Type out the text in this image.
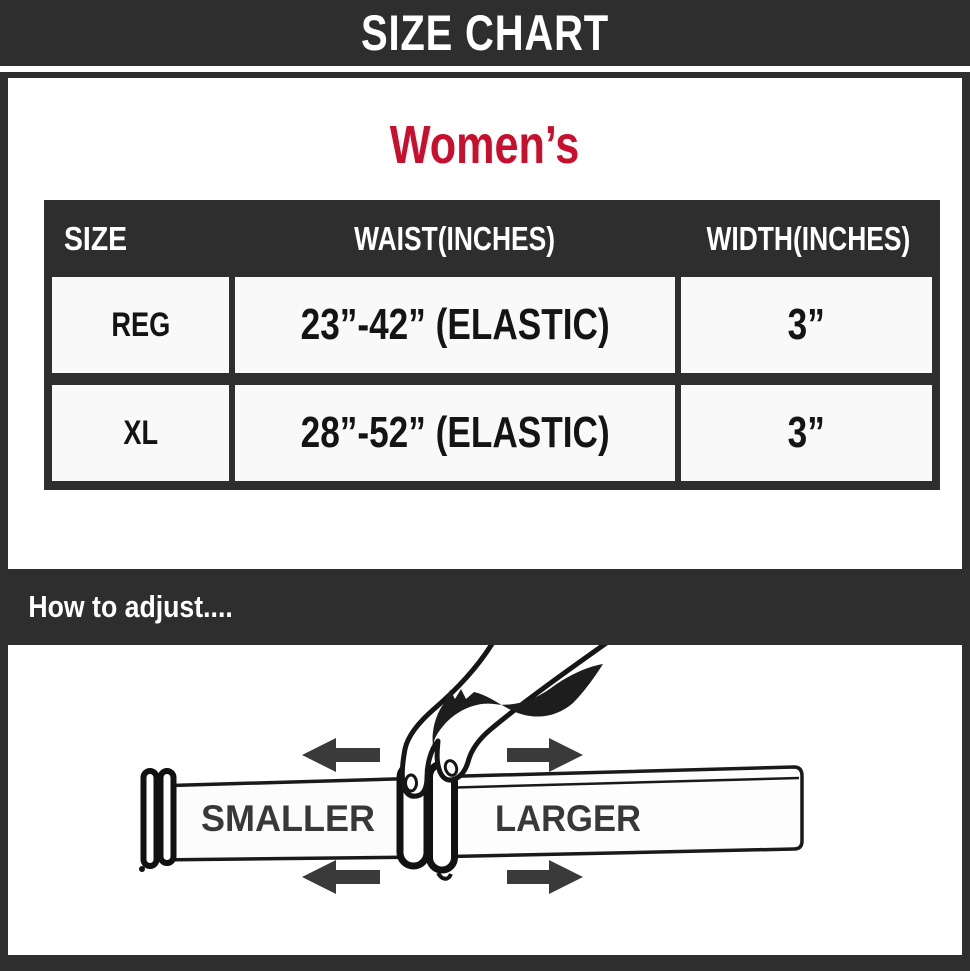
SIZE CHART
Women’s
SIZE	WAIST(INCHES)	WIDTH(INCHES)
REG	23”-42” (ELASTIC)	3”
XL	28”-52” (ELASTIC)	3”
How to adjust....
SMALLER	LARGER
